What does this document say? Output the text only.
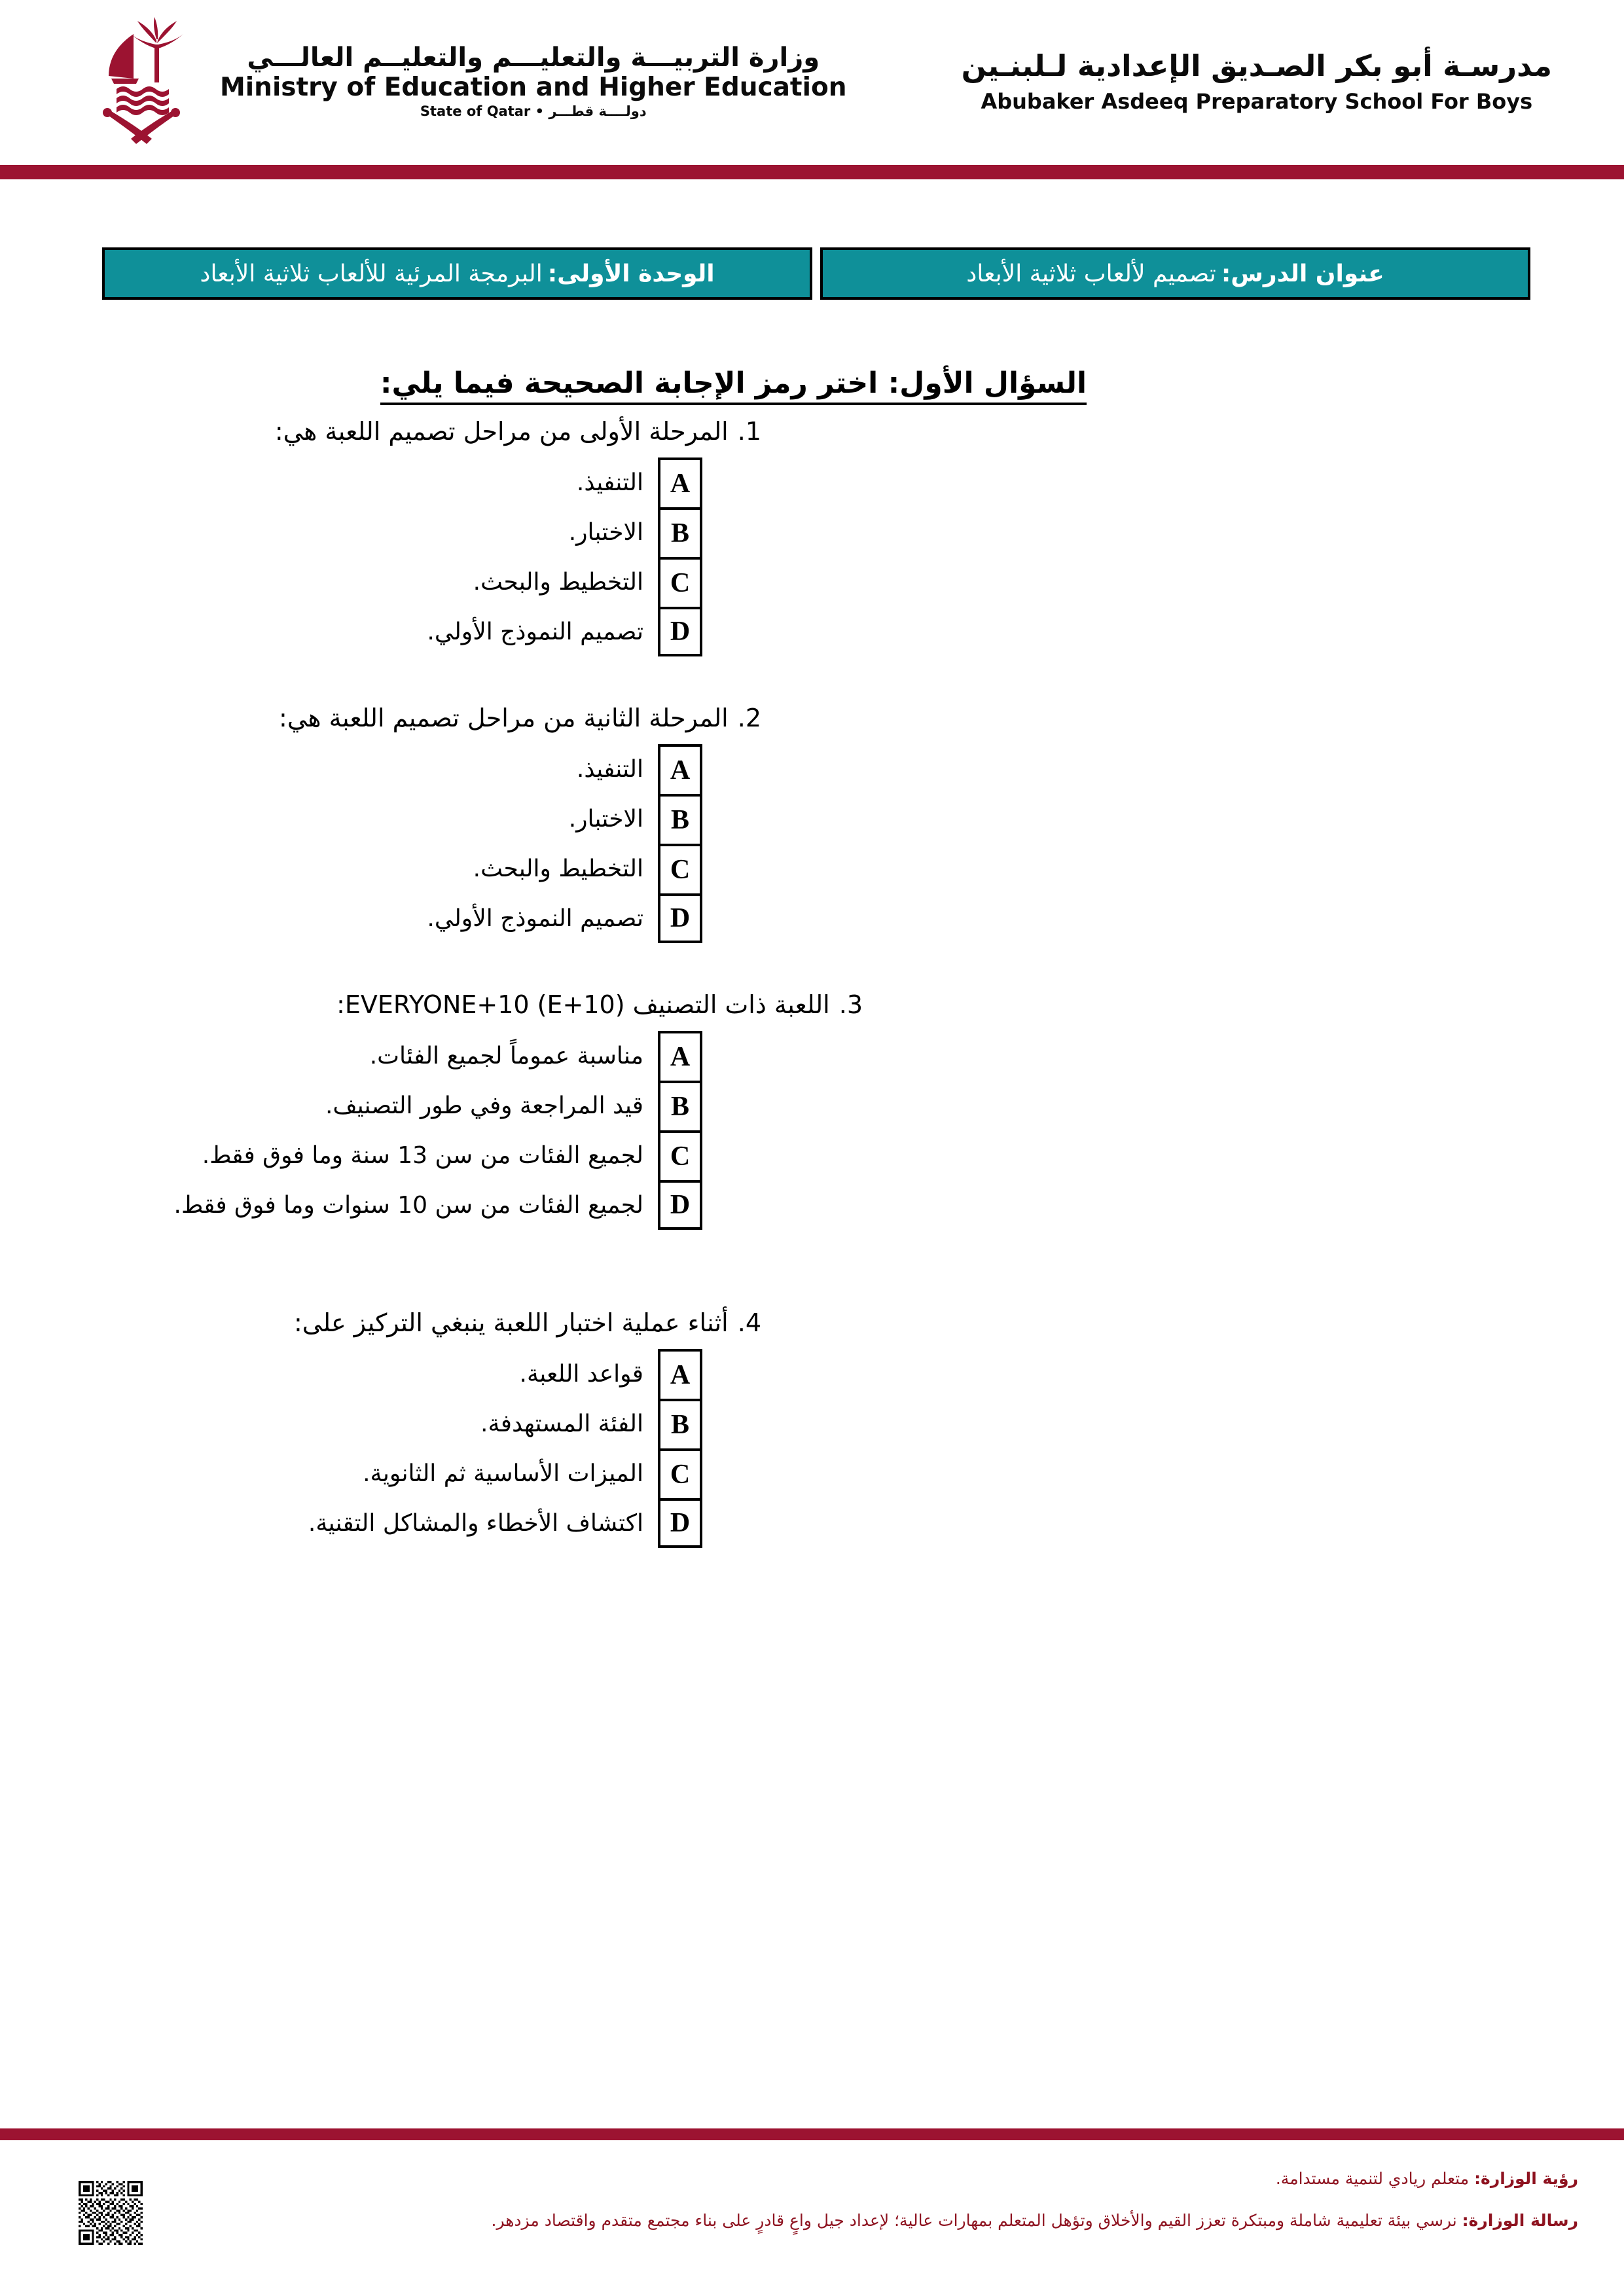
وزارة التربيـــة والتعليـــم والتعليــم العالـــي
Ministry of Education and Higher Education
دولــــة قطـــر • State of Qatar
مدرسـة أبو بكر الصـديق الإعدادية لـلبنـين
Abubaker Asdeeq Preparatory School For Boys
عنوان الدرس:
تصميم لألعاب ثلاثية الأبعاد
الوحدة الأولى:
البرمجة المرئية للألعاب ثلاثية الأبعاد
السؤال الأول: اختر رمز الإجابة الصحيحة فيما يلي:
1.المرحلة الأولى من مراحل تصميم اللعبة هي:
A
التنفيذ.
B
الاختبار.
C
التخطيط والبحث.
D
تصميم النموذج الأولي.
2.المرحلة الثانية من مراحل تصميم اللعبة هي:
A
التنفيذ.
B
الاختبار.
C
التخطيط والبحث.
D
تصميم النموذج الأولي.
3.اللعبة ذات التصنيف EVERYONE+10 (E+10):
A
مناسبة عموماً لجميع الفئات.
B
قيد المراجعة وفي طور التصنيف.
C
لجميع الفئات من سن 13 سنة وما فوق فقط.
D
لجميع الفئات من سن 10 سنوات وما فوق فقط.
4.أثناء عملية اختبار اللعبة ينبغي التركيز على:
A
قواعد اللعبة.
B
الفئة المستهدفة.
C
الميزات الأساسية ثم الثانوية.
D
اكتشاف الأخطاء والمشاكل التقنية.
رؤية الوزارة: متعلم ريادي لتنمية مستدامة.
رسالة الوزارة: نرسي بيئة تعليمية شاملة ومبتكرة تعزز القيم والأخلاق وتؤهل المتعلم بمهارات عالية؛ لإعداد جيل واعٍ قادرٍ على بناء مجتمع متقدم واقتصاد مزدهر.
